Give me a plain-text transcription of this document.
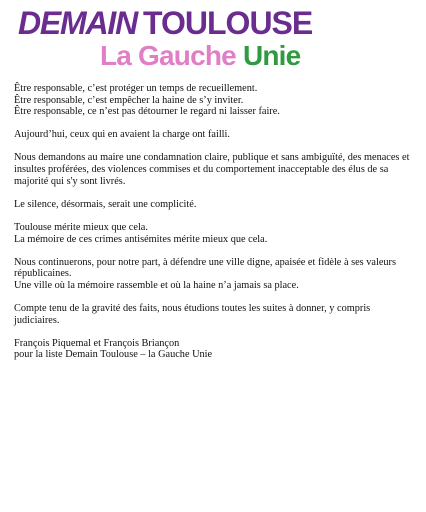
DEMAIN TOULOUSE
La Gauche Unie

Être responsable, c’est protéger un temps de recueillement.
Être responsable, c’est empêcher la haine de s’y inviter.
Être responsable, ce n’est pas détourner le regard ni laisser faire.

Aujourd’hui, ceux qui en avaient la charge ont failli.

Nous demandons au maire une condamnation claire, publique et sans ambiguïté, des menaces et insultes proférées, des violences commises et du comportement inacceptable des élus de sa majorité qui s'y sont livrés.

Le silence, désormais, serait une complicité.

Toulouse mérite mieux que cela.
La mémoire de ces crimes antisémites mérite mieux que cela.

Nous continuerons, pour notre part, à défendre une ville digne, apaisée et fidèle à ses valeurs républicaines.
Une ville où la mémoire rassemble et où la haine n’a jamais sa place.

Compte tenu de la gravité des faits, nous étudions toutes les suites à donner, y compris judiciaires.

François Piquemal et François Briançon
pour la liste Demain Toulouse – la Gauche Unie
